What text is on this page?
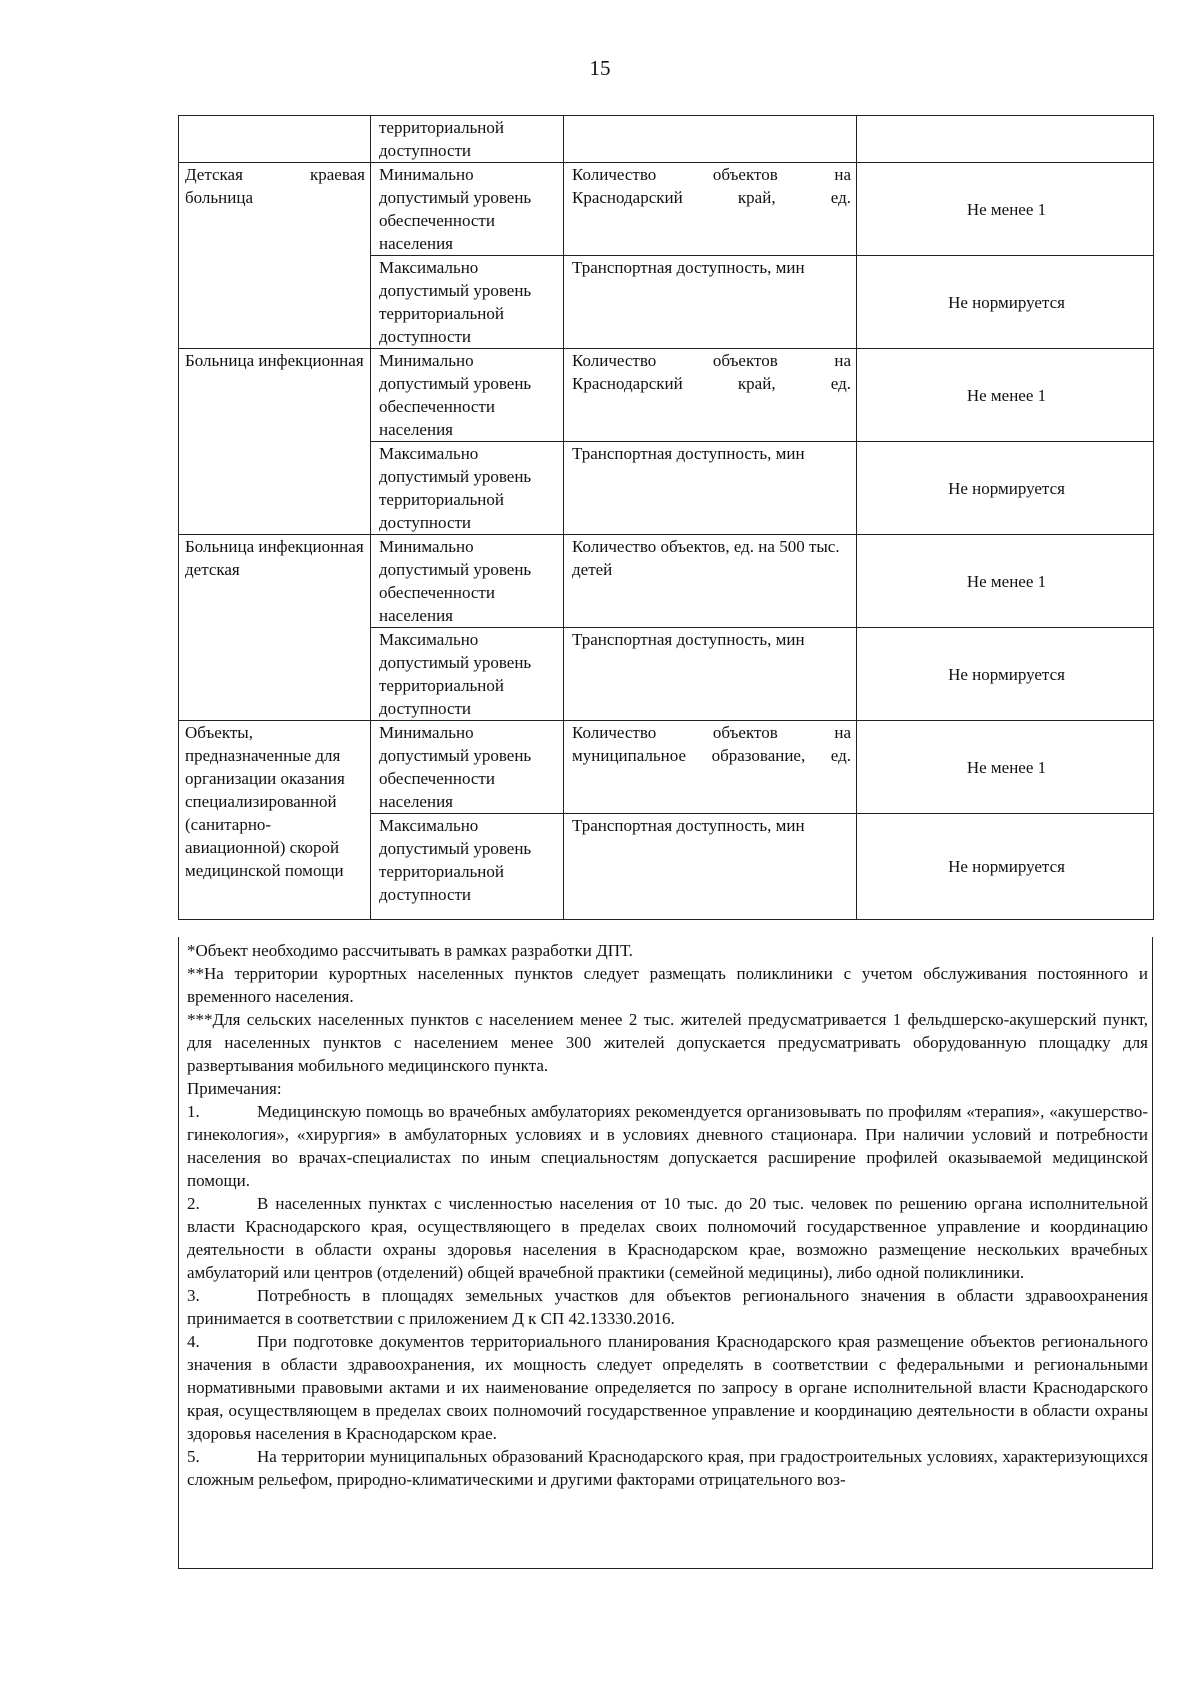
15
	территориальной доступности		
Детская краевая больница	Минимально допустимый уровень обеспеченности населения	Количество объектов на Краснодарский край, ед.	Не менее 1
	Максимально допустимый уровень территориальной доступности	Транспортная доступность, мин	Не нормируется
Больница инфекционная	Минимально допустимый уровень обеспеченности населения	Количество объектов на Краснодарский край, ед.	Не менее 1
	Максимально допустимый уровень территориальной доступности	Транспортная доступность, мин	Не нормируется
Больница инфекционная детская	Минимально допустимый уровень обеспеченности населения	Количество объектов, ед. на 500 тыс. детей	Не менее 1
	Максимально допустимый уровень территориальной доступности	Транспортная доступность, мин	Не нормируется
Объекты, предназначенные для организации оказания специализированной (санитарно-авиационной) скорой медицинской помощи	Минимально допустимый уровень обеспеченности населения	Количество объектов на муниципальное образование, ед.	Не менее 1
	Максимально допустимый уровень территориальной доступности	Транспортная доступность, мин	Не нормируется

*Объект необходимо рассчитывать в рамках разработки ДПТ.

**На территории курортных населенных пунктов следует размещать поликлиники с учетом обслуживания постоянного и временного населения.

***Для сельских населенных пунктов с населением менее 2 тыс. жителей предусматривается 1 фельдшерско-акушерский пункт, для населенных пунктов с населением менее 300 жителей допускается предусматривать оборудованную площадку для развертывания мобильного медицинского пункта.

Примечания:

1.	Медицинскую помощь во врачебных амбулаториях рекомендуется организовывать по профилям «терапия», «акушерство-гинекология», «хирургия» в амбулаторных условиях и в условиях дневного стационара. При наличии условий и потребности населения во врачах-специалистах по иным специальностям допускается расширение профилей оказываемой медицинской помощи.

2.	В населенных пунктах с численностью населения от 10 тыс. до 20 тыс. человек по решению органа исполнительной власти Краснодарского края, осуществляющего в пределах своих полномочий государственное управление и координацию деятельности в области охраны здоровья населения в Краснодарском крае, возможно размещение нескольких врачебных амбулаторий или центров (отделений) общей врачебной практики (семейной медицины), либо одной поликлиники.

3.	Потребность в площадях земельных участков для объектов регионального значения в области здравоохранения принимается в соответствии с приложением Д к СП 42.13330.2016.

4.	При подготовке документов территориального планирования Краснодарского края размещение объектов регионального значения в области здравоохранения, их мощность следует определять в соответствии с федеральными и региональными нормативными правовыми актами и их наименование определяется по запросу в органе исполнительной власти Краснодарского края, осуществляющем в пределах своих полномочий государственное управление и координацию деятельности в области охраны здоровья населения в Краснодарском крае.

5.	На территории муниципальных образований Краснодарского края, при градостроительных условиях, характеризующихся сложным рельефом, природно-климатическими и другими факторами отрицательного воз-
